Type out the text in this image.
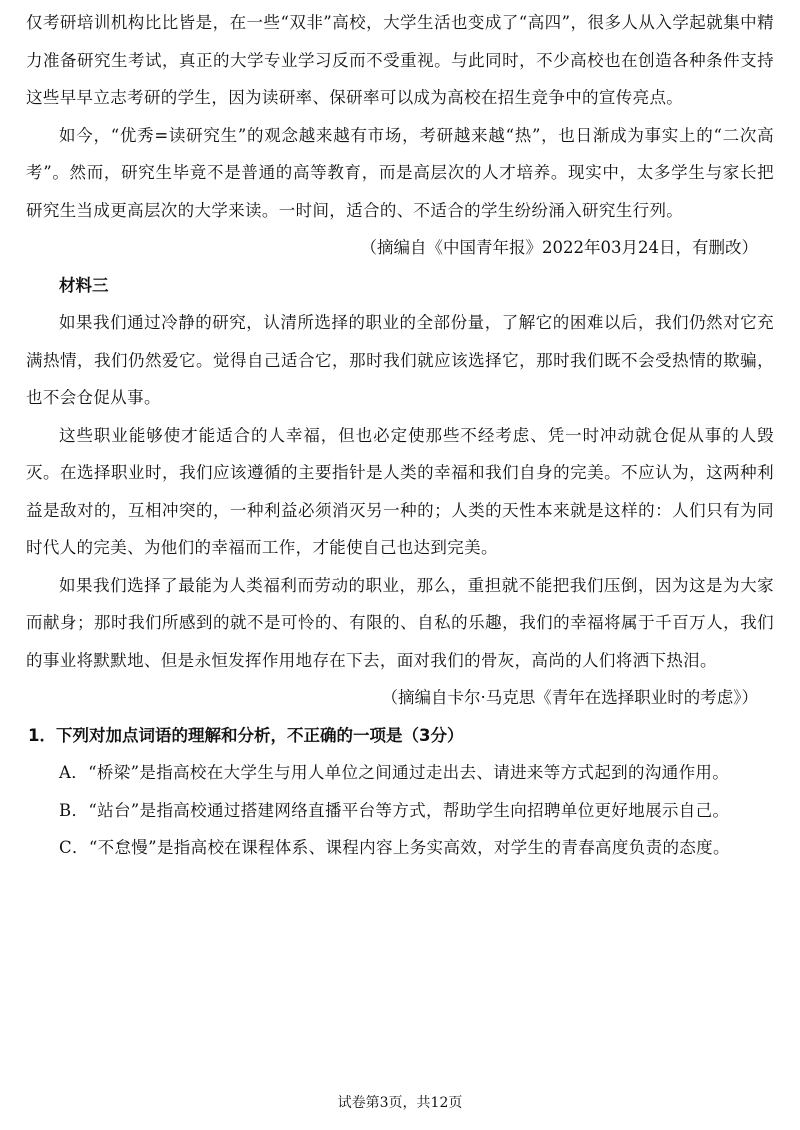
仅考研培训机构比比皆是，在一些“双非”高校，大学生活也变成了“高四”，很多人从入学起就集中精力准备研究生考试，真正的大学专业学习反而不受重视。与此同时，不少高校也在创造各种条件支持这些早早立志考研的学生，因为读研率、保研率可以成为高校在招生竞争中的宣传亮点。

如今，“优秀=读研究生”的观念越来越有市场，考研越来越“热”，也日渐成为事实上的“二次高考”。然而，研究生毕竟不是普通的高等教育，而是高层次的人才培养。现实中，太多学生与家长把研究生当成更高层次的大学来读。一时间，适合的、不适合的学生纷纷涌入研究生行列。

（摘编自《中国青年报》2022年03月24日，有删改）

材料三

如果我们通过冷静的研究，认清所选择的职业的全部份量，了解它的困难以后，我们仍然对它充满热情，我们仍然爱它。觉得自己适合它，那时我们就应该选择它，那时我们既不会受热情的欺骗，也不会仓促从事。

这些职业能够使才能适合的人幸福，但也必定使那些不经考虑、凭一时冲动就仓促从事的人毁灭。在选择职业时，我们应该遵循的主要指针是人类的幸福和我们自身的完美。不应认为，这两种利益是敌对的，互相冲突的，一种利益必须消灭另一种的；人类的天性本来就是这样的：人们只有为同时代人的完美、为他们的幸福而工作，才能使自己也达到完美。

如果我们选择了最能为人类福利而劳动的职业，那么，重担就不能把我们压倒，因为这是为大家而献身；那时我们所感到的就不是可怜的、有限的、自私的乐趣，我们的幸福将属于千百万人，我们的事业将默默地、但是永恒发挥作用地存在下去，面对我们的骨灰，高尚的人们将洒下热泪。

（摘编自卡尔·马克思《青年在选择职业时的考虑》）

1．下列对加点词语的理解和分析，不正确的一项是（3分）

A．“桥梁”是指高校在大学生与用人单位之间通过走出去、请进来等方式起到的沟通作用。

B．“站台”是指高校通过搭建网络直播平台等方式，帮助学生向招聘单位更好地展示自己。

C．“不怠慢”是指高校在课程体系、课程内容上务实高效，对学生的青春高度负责的态度。

试卷第3页，共12页
